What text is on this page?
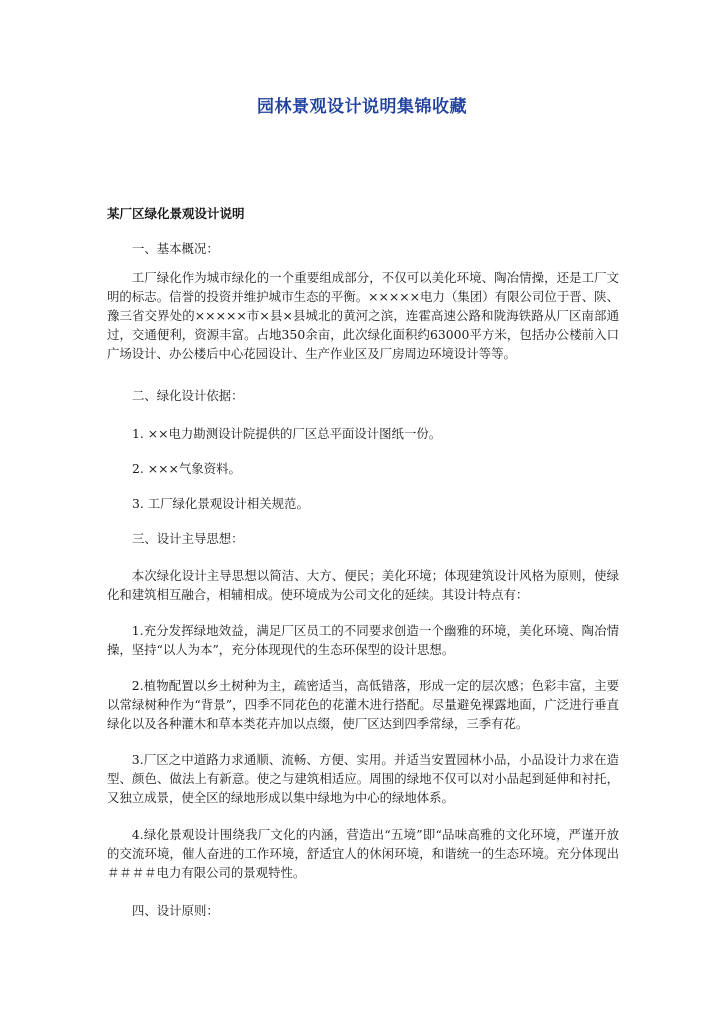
园林景观设计说明集锦收藏
某厂区绿化景观设计说明
一、基本概况：
工厂绿化作为城市绿化的一个重要组成部分，不仅可以美化环境、陶冶情操，还是工厂文明的标志。信誉的投资并维护城市生态的平衡。×××××电力（集团）有限公司位于晋、陕、豫三省交界处的×××××市×县×县城北的黄河之滨，连霍高速公路和陇海铁路从厂区南部通过，交通便利，资源丰富。占地350余亩，此次绿化面积约63000平方米，包括办公楼前入口广场设计、办公楼后中心花园设计、生产作业区及厂房周边环境设计等等。
二、绿化设计依据：
1. ××电力勘测设计院提供的厂区总平面设计图纸一份。
2. ×××气象资料。
3. 工厂绿化景观设计相关规范。
三、设计主导思想：
本次绿化设计主导思想以简洁、大方、便民；美化环境；体现建筑设计风格为原则，使绿化和建筑相互融合，相辅相成。使环境成为公司文化的延续。其设计特点有：
1.充分发挥绿地效益，满足厂区员工的不同要求创造一个幽雅的环境，美化环境、陶冶情操，坚持“以人为本”，充分体现现代的生态环保型的设计思想。
2.植物配置以乡土树种为主，疏密适当，高低错落，形成一定的层次感；色彩丰富，主要以常绿树种作为“背景”，四季不同花色的花灌木进行搭配。尽量避免裸露地面，广泛进行垂直绿化以及各种灌木和草本类花卉加以点缀，使厂区达到四季常绿，三季有花。
3.厂区之中道路力求通顺、流畅、方便、实用。并适当安置园林小品，小品设计力求在造型、颜色、做法上有新意。使之与建筑相适应。周围的绿地不仅可以对小品起到延伸和衬托，又独立成景，使全区的绿地形成以集中绿地为中心的绿地体系。
4.绿化景观设计围绕我厂文化的内涵，营造出“五境”即“品味高雅的文化环境，严谨开放的交流环境，催人奋进的工作环境，舒适宜人的休闲环境，和谐统一的生态环境。充分体现出＃＃＃＃电力有限公司的景观特性。
四、设计原则：
